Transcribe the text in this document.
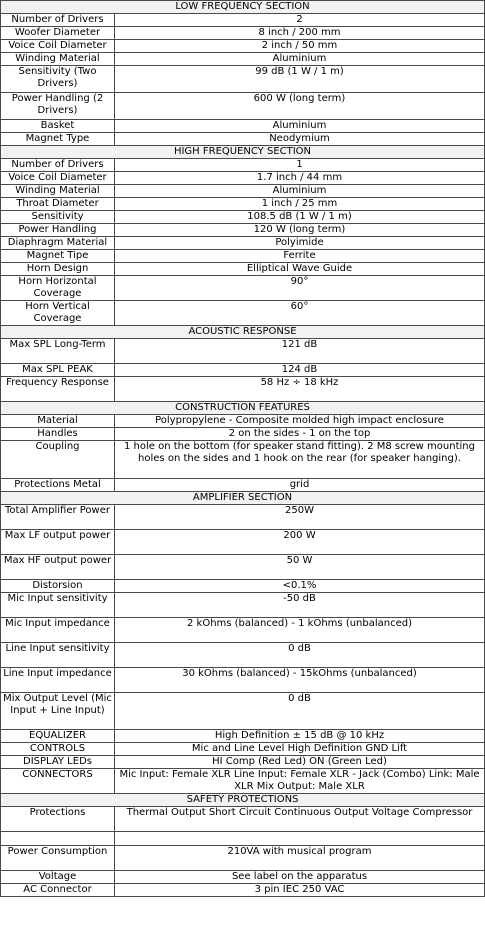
LOW FREQUENCY SECTION	
Number of Drivers	2
Woofer Diameter	8 inch / 200 mm
Voice Coil Diameter	2 inch / 50 mm
Winding Material	Aluminium
Sensitivity (Two Drivers)	99 dB (1 W / 1 m)
Power Handling (2 Drivers)	600 W (long term)
Basket	Aluminium
Magnet Type	Neodymium
HIGH FREQUENCY SECTION	
Number of Drivers	1
Voice Coil Diameter	1.7 inch / 44 mm
Winding Material	Aluminium
Throat Diameter	1 inch / 25 mm
Sensitivity	108.5 dB (1 W / 1 m)
Power Handling	120 W (long term)
Diaphragm Material	Polyimide
Magnet Tipe	Ferrite
Horn Design	Elliptical Wave Guide
Horn Horizontal Coverage	90°
Horn Vertical Coverage	60°
ACOUSTIC RESPONSE	
Max SPL Long-Term	121 dB
Max SPL PEAK	124 dB
Frequency Response	58 Hz ÷ 18 kHz
CONSTRUCTION FEATURES	
Material	Polypropylene - Composite molded high impact enclosure
Handles	2 on the sides - 1 on the top
Coupling	1 hole on the bottom (for speaker stand fitting). 2 M8 screw mounting holes on the sides and 1 hook on the rear (for speaker hanging).
Protections Metal	grid
AMPLIFIER SECTION	
Total Amplifier Power	250W
Max LF output power	200 W
Max HF output power	50 W
Distorsion	<0.1%
Mic Input sensitivity	-50 dB
Mic Input impedance	2 kOhms (balanced) - 1 kOhms (unbalanced)
Line Input sensitivity	0 dB
Line Input impedance	30 kOhms (balanced) - 15kOhms (unbalanced)
Mix Output Level (Mic Input + Line Input)	0 dB
EQUALIZER	High Definition ± 15 dB @ 10 kHz
CONTROLS	Mic and Line Level High Definition GND Lift
DISPLAY LEDs	HI Comp (Red Led) ON (Green Led)
CONNECTORS	Mic Input: Female XLR Line Input: Female XLR - Jack (Combo) Link: Male XLR Mix Output: Male XLR
SAFETY PROTECTIONS	
Protections	Thermal Output Short Circuit Continuous Output Voltage Compressor

Power Consumption	210VA with musical program
Voltage	See label on the apparatus
AC Connector	3 pin IEC 250 VAC
